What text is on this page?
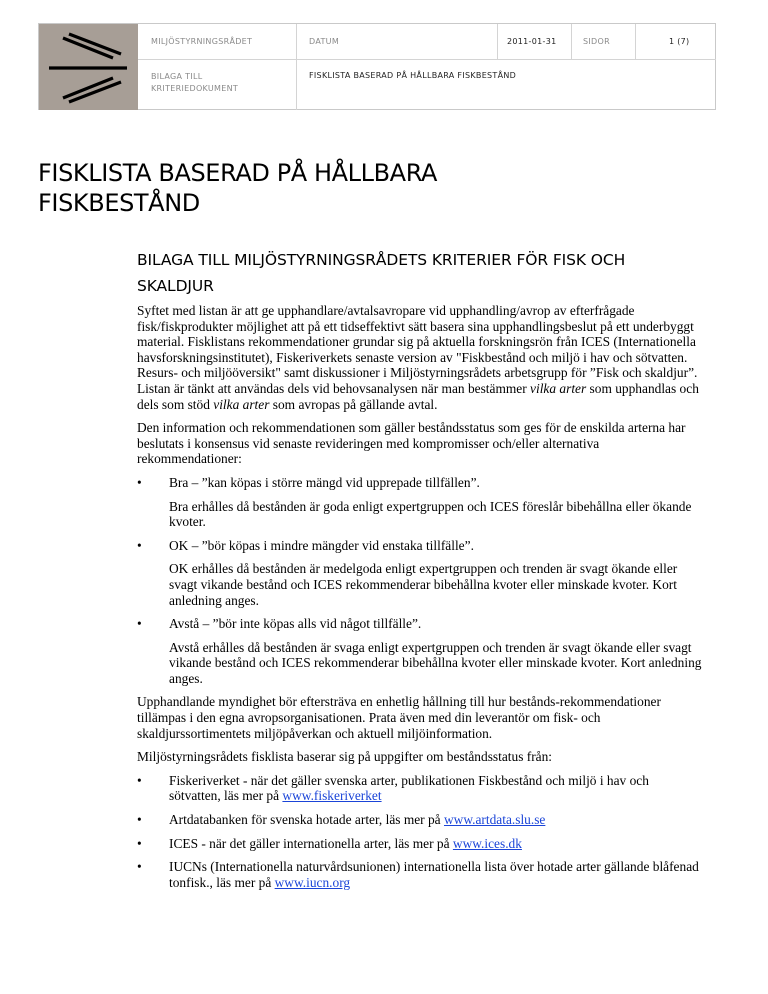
MILJÖSTYRNINGSRÅDET	DATUM	2011-01-31	SIDOR	1 (7)
BILAGA TILL KRITERIEDOKUMENT
FISKLISTA BASERAD PÅ HÅLLBARA FISKBESTÅND
FISKLISTA BASERAD PÅ HÅLLBARA FISKBESTÅND
BILAGA TILL MILJÖSTYRNINGSRÅDETS KRITERIER FÖR FISK OCH SKALDJUR

Syftet med listan är att ge upphandlare/avtalsavropare vid upphandling/avrop av efterfrågade fisk/fiskprodukter möjlighet att på ett tidseffektivt sätt basera sina upphandlingsbeslut på ett underbyggt material. Fisklistans rekommendationer grundar sig på aktuella forskningsrön från ICES (Internationella havsforskningsinstitutet), Fiskeriverkets senaste version av "Fiskbestånd och miljö i hav och sötvatten. Resurs- och miljööversikt" samt diskussioner i Miljöstyrningsrådets arbetsgrupp för ”Fisk och skaldjur”. Listan är tänkt att användas dels vid behovsanalysen när man bestämmer vilka arter som upphandlas och dels som stöd vilka arter som avropas på gällande avtal.

Den information och rekommendationen som gäller beståndsstatus som ges för de enskilda arterna har beslutats i konsensus vid senaste revideringen med kompromisser och/eller alternativa rekommendationer:

• Bra – ”kan köpas i större mängd vid upprepade tillfällen”.

Bra erhålles då bestånden är goda enligt expertgruppen och ICES föreslår bibehållna eller ökande kvoter.

• OK – ”bör köpas i mindre mängder vid enstaka tillfälle”.

OK erhålles då bestånden är medelgoda enligt expertgruppen och trenden är svagt ökande eller svagt vikande bestånd och ICES rekommenderar bibehållna kvoter eller minskade kvoter. Kort anledning anges.

• Avstå – ”bör inte köpas alls vid något tillfälle”.

Avstå erhålles då bestånden är svaga enligt expertgruppen och trenden är svagt ökande eller svagt vikande bestånd och ICES rekommenderar bibehållna kvoter eller minskade kvoter. Kort anledning anges.

Upphandlande myndighet bör eftersträva en enhetlig hållning till hur bestånds-rekommendationer tillämpas i den egna avropsorganisationen. Prata även med din leverantör om fisk- och skaldjurssortimentets miljöpåverkan och aktuell miljöinformation.

Miljöstyrningsrådets fisklista baserar sig på uppgifter om beståndsstatus från:

• Fiskeriverket - när det gäller svenska arter, publikationen Fiskbestånd och miljö i hav och sötvatten, läs mer på www.fiskeriverket
• Artdatabanken för svenska hotade arter, läs mer på www.artdata.slu.se
• ICES - när det gäller internationella arter, läs mer på www.ices.dk
• IUCNs (Internationella naturvårdsunionen) internationella lista över hotade arter gällande blåfenad tonfisk., läs mer på www.iucn.org
